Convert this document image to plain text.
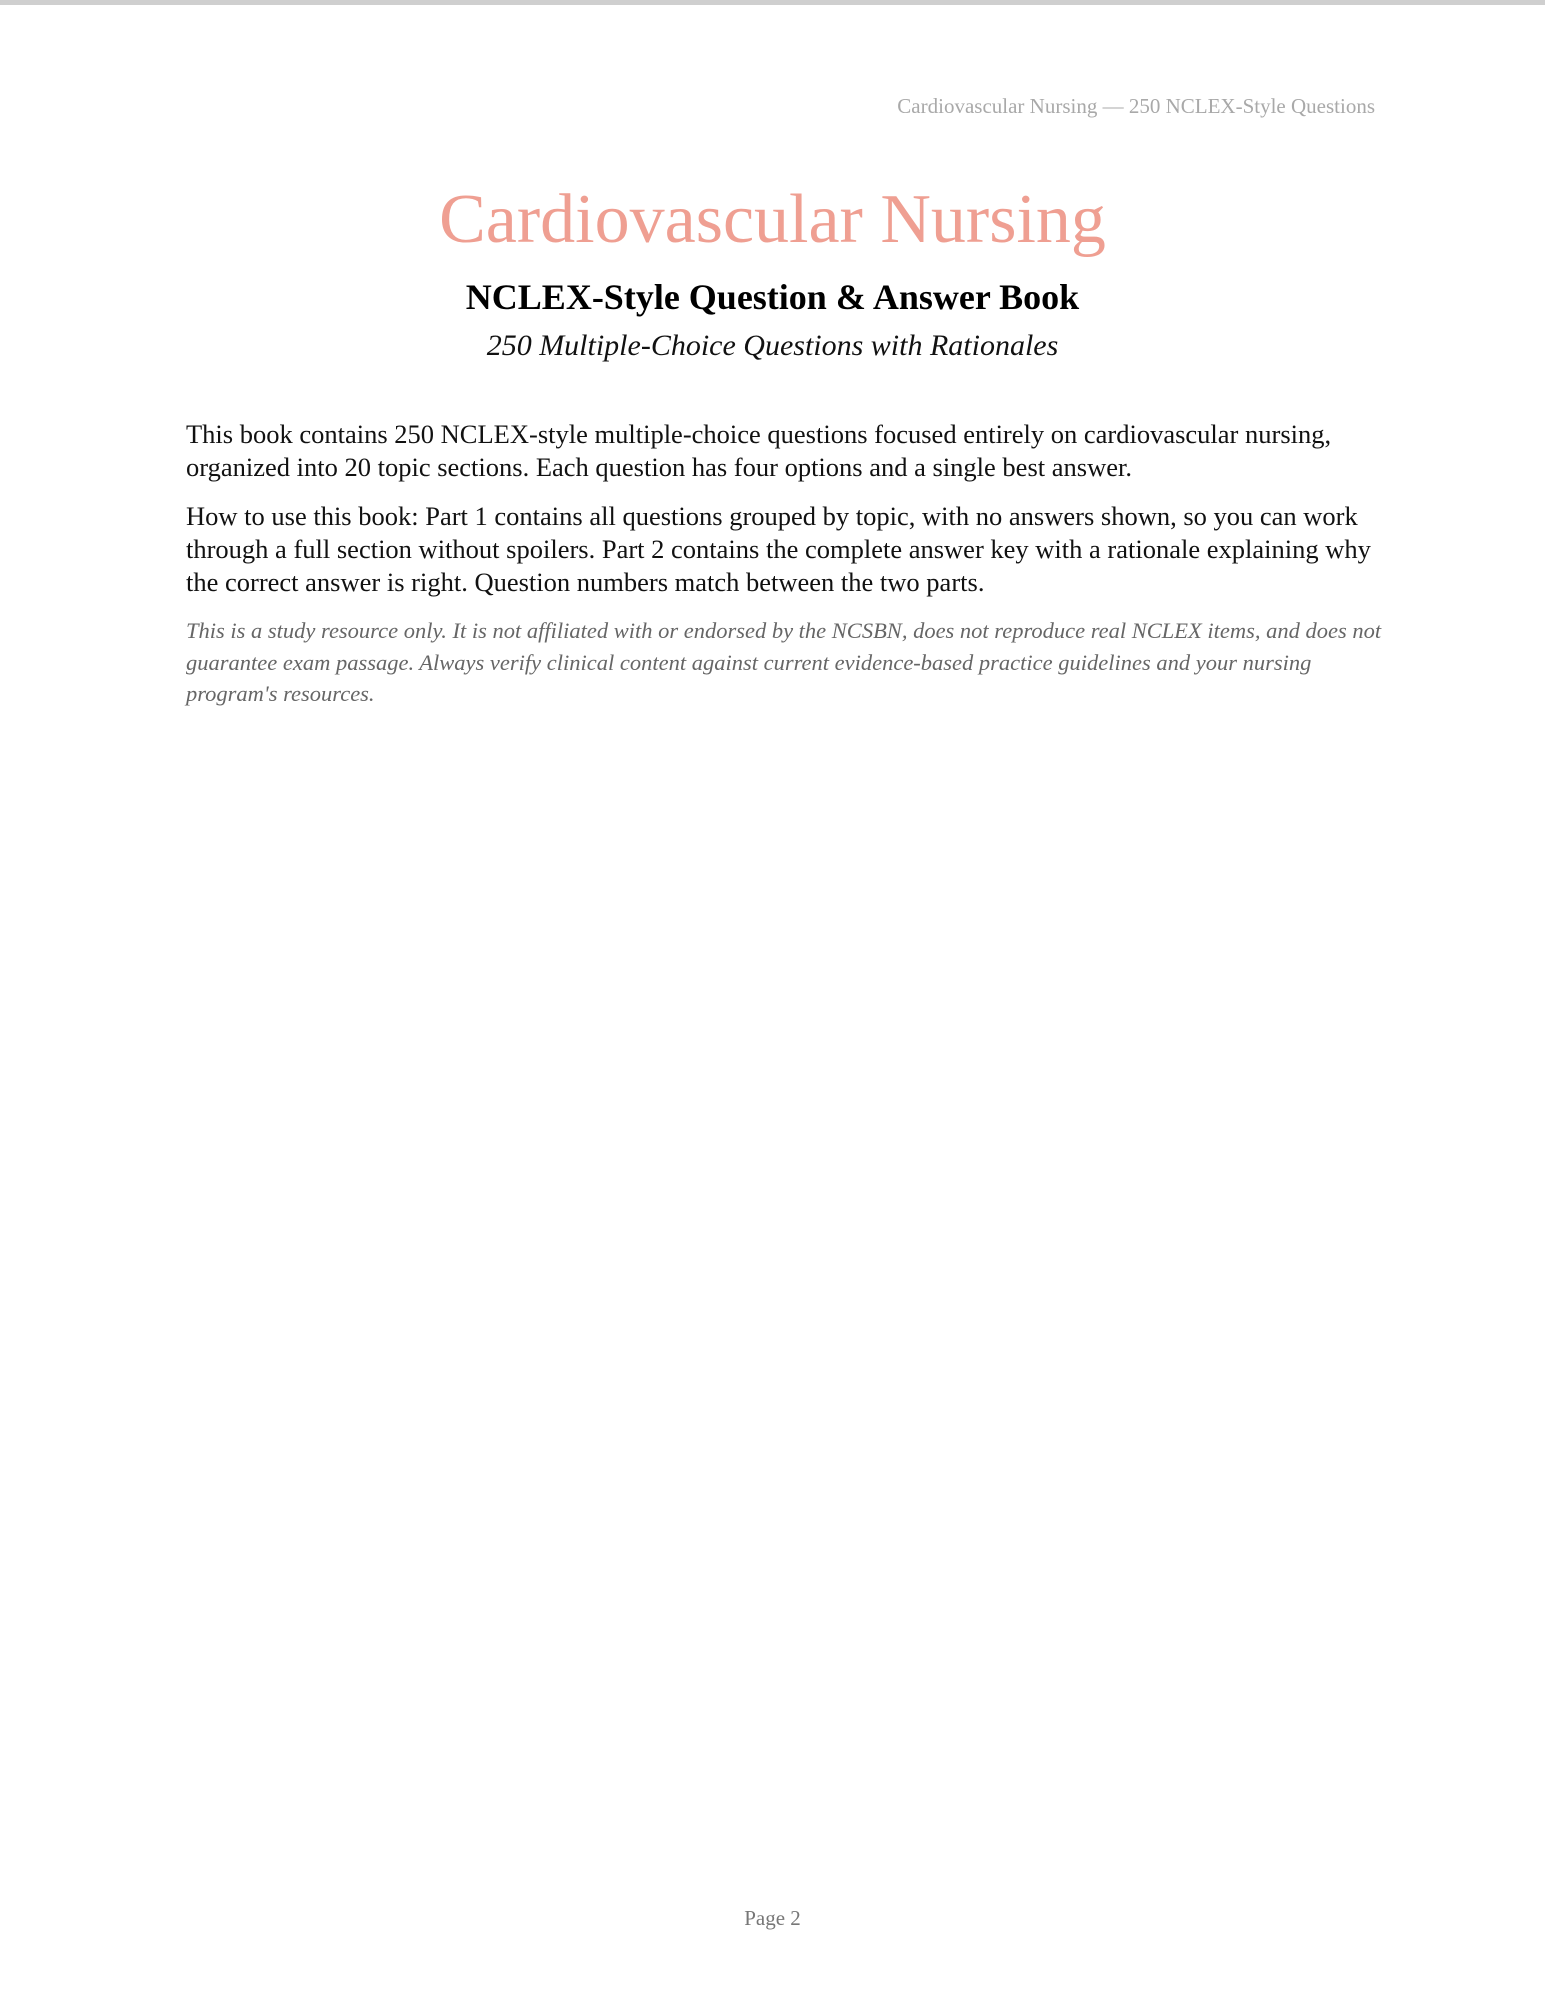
Cardiovascular Nursing — 250 NCLEX-Style Questions
Cardiovascular Nursing
NCLEX-Style Question & Answer Book
250 Multiple-Choice Questions with Rationales

This book contains 250 NCLEX-style multiple-choice questions focused entirely on cardiovascular nursing, organized into 20 topic sections. Each question has four options and a single best answer.

How to use this book: Part 1 contains all questions grouped by topic, with no answers shown, so you can work through a full section without spoilers. Part 2 contains the complete answer key with a rationale explaining why the correct answer is right. Question numbers match between the two parts.

This is a study resource only. It is not affiliated with or endorsed by the NCSBN, does not reproduce real NCLEX items, and does not guarantee exam passage. Always verify clinical content against current evidence-based practice guidelines and your nursing program's resources.

Page 2
